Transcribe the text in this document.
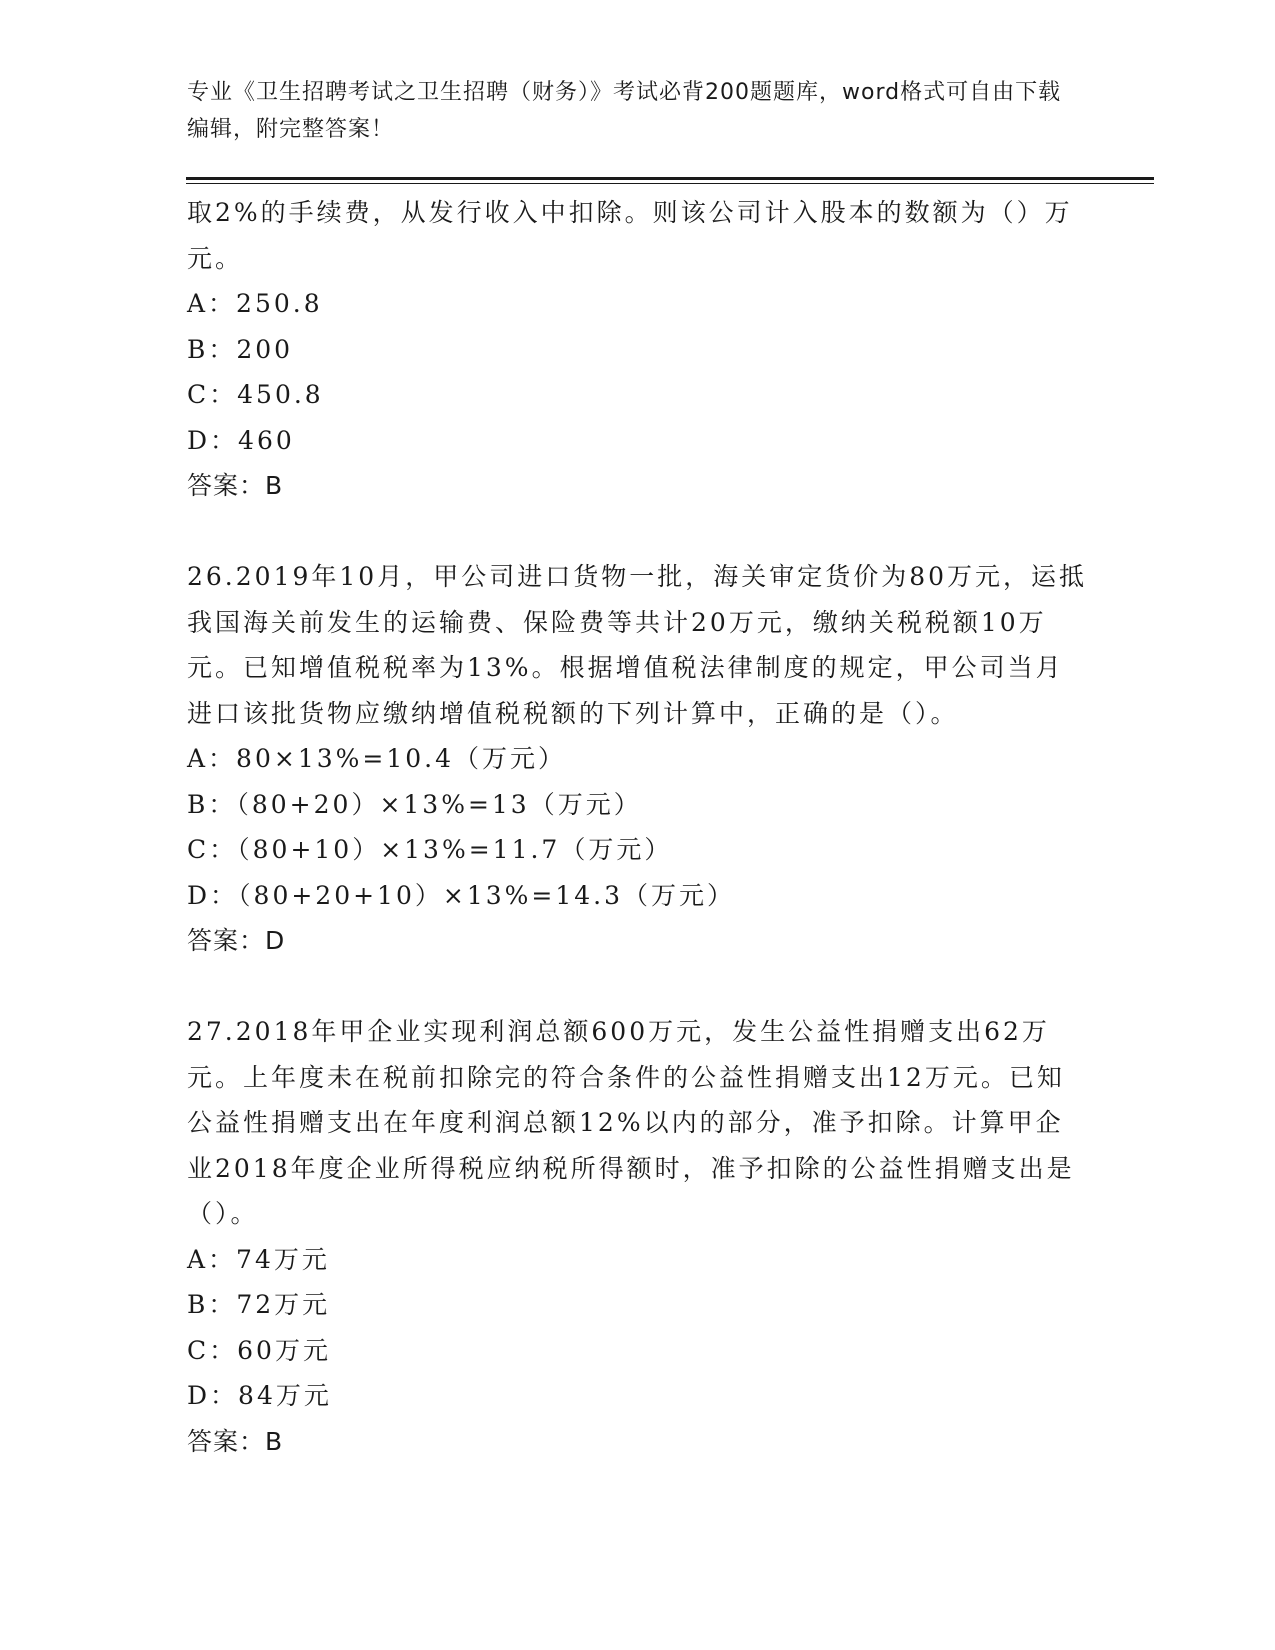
专业《卫生招聘考试之卫生招聘（财务）》考试必背200题题库，word格式可自由下载编辑，附完整答案！
取2%的手续费，从发行收入中扣除。则该公司计入股本的数额为（）万元。
A：250.8
B：200
C：450.8
D：460
答案：B
26.2019年10月，甲公司进口货物一批，海关审定货价为80万元，运抵我国海关前发生的运输费、保险费等共计20万元，缴纳关税税额10万元。已知增值税税率为13%。根据增值税法律制度的规定，甲公司当月进口该批货物应缴纳增值税税额的下列计算中，正确的是（）。
A：80×13%=10.4（万元）
B：（80+20）×13%=13（万元）
C：（80+10）×13%=11.7（万元）
D：（80+20+10）×13%=14.3（万元）
答案：D
27.2018年甲企业实现利润总额600万元，发生公益性捐赠支出62万元。上年度未在税前扣除完的符合条件的公益性捐赠支出12万元。已知公益性捐赠支出在年度利润总额12%以内的部分，准予扣除。计算甲企业2018年度企业所得税应纳税所得额时，准予扣除的公益性捐赠支出是（）。
A：74万元
B：72万元
C：60万元
D：84万元
答案：B
